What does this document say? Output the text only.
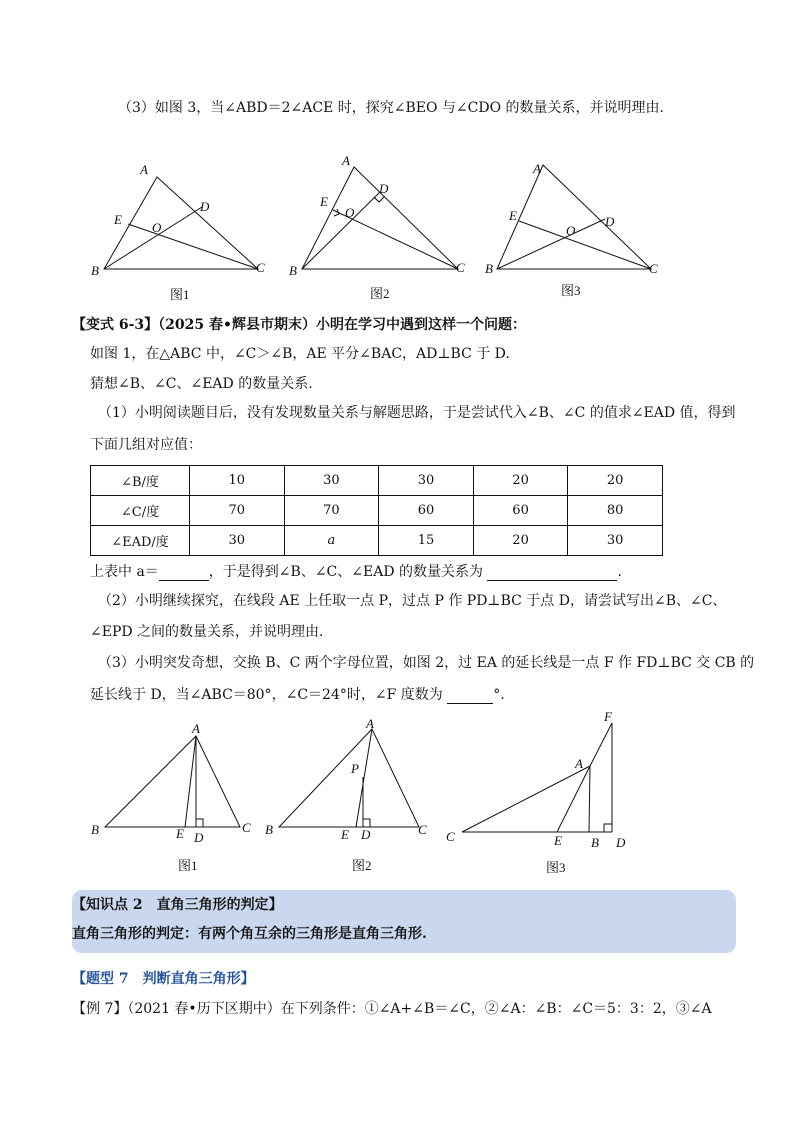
（3）如图 3，当∠ABD＝2∠ACE 时，探究∠BEO 与∠CDO 的数量关系，并说明理由.
A
B	C
D
E
O
图1
A
B	C
D
E
O
图2
A
B	C
D
E
O
图3
【变式 6-3】（2025 春•辉县市期末）小明在学习中遇到这样一个问题：
如图 1，在△ABC 中，∠C＞∠B，AE 平分∠BAC，AD⊥BC 于 D.
猜想∠B、∠C、∠EAD 的数量关系.
（1）小明阅读题目后，没有发现数量关系与解题思路，于是尝试代入∠B、∠C 的值求∠EAD 值，得到
下面几组对应值：
∠B/度	10	30	30	20	20
∠C/度	70	70	60	60	80
∠EAD/度	30	a	15	20	30
上表中 a＝	，于是得到∠B、∠C、∠EAD 的数量关系为	.
（2）小明继续探究，在线段 AE 上任取一点 P，过点 P 作 PD⊥BC 于点 D，请尝试写出∠B、∠C、
∠EPD 之间的数量关系，并说明理由.
（3）小明突发奇想，交换 B、C 两个字母位置，如图 2，过 EA 的延长线是一点 F 作 FD⊥BC 交 CB 的
延长线于 D，当∠ABC＝80°，∠C＝24°时，∠F 度数为	°.
A
B	C
D
E
图1
A
B	C
D
E
P
图2
A
B
C	D
E
F
图3
【知识点 2　直角三角形的判定】
直角三角形的判定：有两个角互余的三角形是直角三角形.
【题型 7　判断直角三角形】
【例 7】（2021 春•历下区期中）在下列条件：①∠A+∠B＝∠C，②∠A：∠B：∠C＝5：3：2，③∠A
